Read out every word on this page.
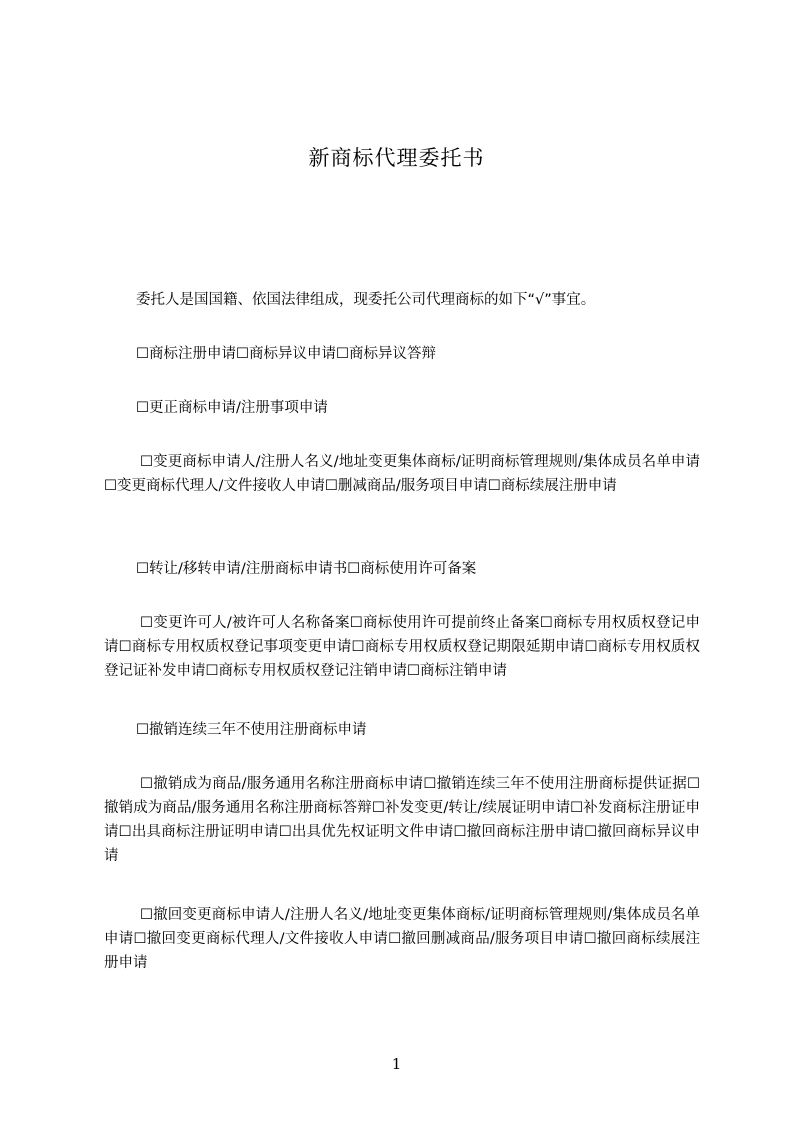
新商标代理委托书

委托人是国国籍、依国法律组成，现委托公司代理商标的如下“√”事宜。

☐商标注册申请☐商标异议申请☐商标异议答辩

☐更正商标申请/注册事项申请

☐变更商标申请人/注册人名义/地址变更集体商标/证明商标管理规则/集体成员名单申请☐变更商标代理人/文件接收人申请☐删减商品/服务项目申请☐商标续展注册申请

☐转让/移转申请/注册商标申请书☐商标使用许可备案

☐变更许可人/被许可人名称备案☐商标使用许可提前终止备案☐商标专用权质权登记申请☐商标专用权质权登记事项变更申请☐商标专用权质权登记期限延期申请☐商标专用权质权登记证补发申请☐商标专用权质权登记注销申请☐商标注销申请

☐撤销连续三年不使用注册商标申请

☐撤销成为商品/服务通用名称注册商标申请☐撤销连续三年不使用注册商标提供证据☐撤销成为商品/服务通用名称注册商标答辩☐补发变更/转让/续展证明申请☐补发商标注册证申请☐出具商标注册证明申请☐出具优先权证明文件申请☐撤回商标注册申请☐撤回商标异议申请

☐撤回变更商标申请人/注册人名义/地址变更集体商标/证明商标管理规则/集体成员名单申请☐撤回变更商标代理人/文件接收人申请☐撤回删减商品/服务项目申请☐撤回商标续展注册申请

1
